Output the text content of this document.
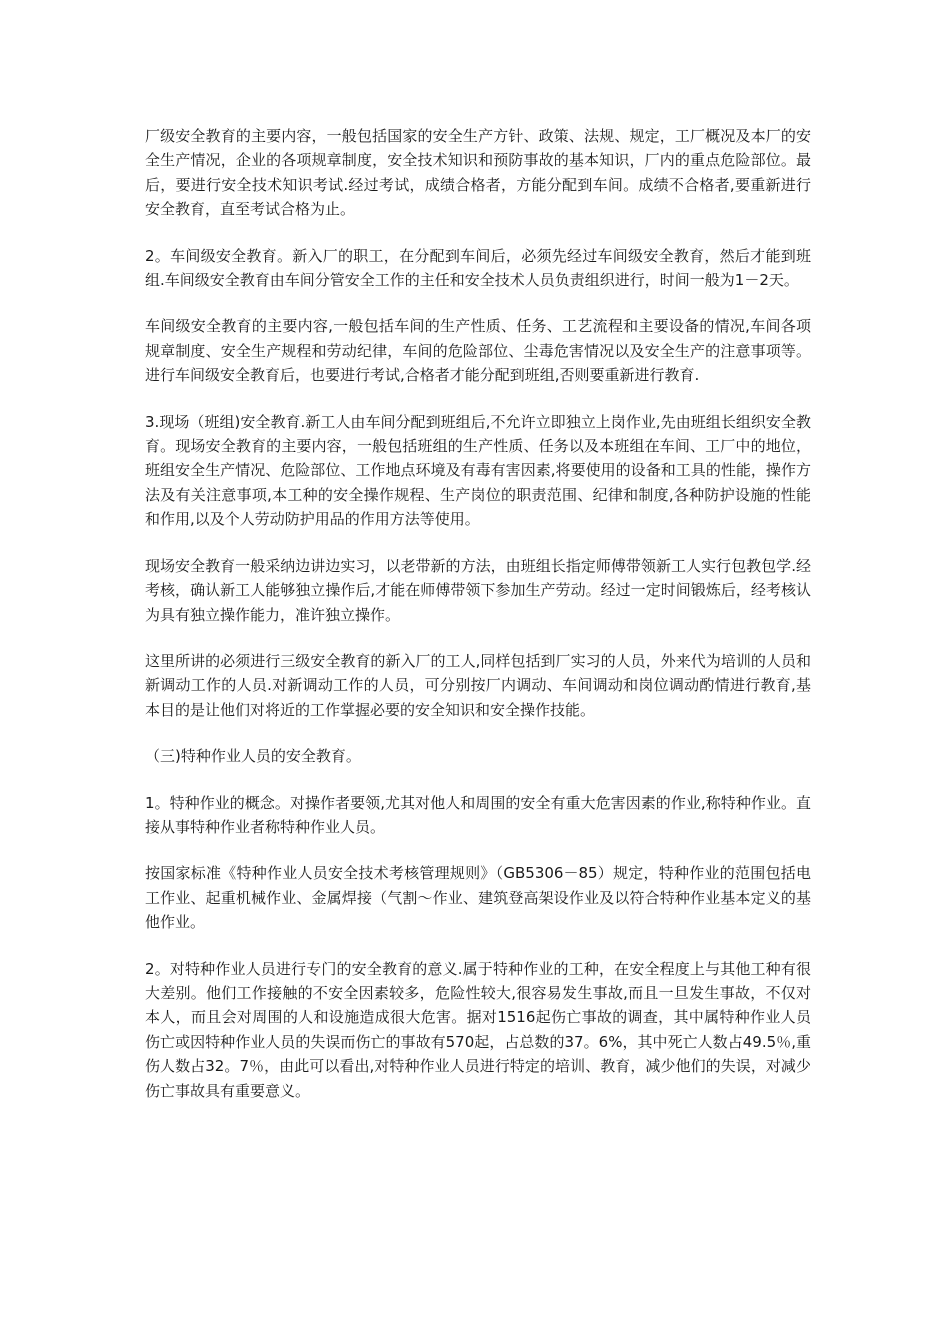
厂级安全教育的主要内容，一般包括国家的安全生产方针、政策、法规、规定，工厂概况及本厂的安全生产情况，企业的各项规章制度，安全技术知识和预防事故的基本知识，厂内的重点危险部位。最后，要进行安全技术知识考试.经过考试，成绩合格者，方能分配到车间。成绩不合格者,要重新进行安全教育，直至考试合格为止。

2。车间级安全教育。新入厂的职工，在分配到车间后，必须先经过车间级安全教育，然后才能到班组.车间级安全教育由车间分管安全工作的主任和安全技术人员负责组织进行，时间一般为1－2天。

车间级安全教育的主要内容,一般包括车间的生产性质、任务、工艺流程和主要设备的情况,车间各项规章制度、安全生产规程和劳动纪律，车间的危险部位、尘毒危害情况以及安全生产的注意事项等。进行车间级安全教育后，也要进行考试,合格者才能分配到班组,否则要重新进行教育.

3.现场（班组)安全教育.新工人由车间分配到班组后,不允许立即独立上岗作业,先由班组长组织安全教育。现场安全教育的主要内容，一般包括班组的生产性质、任务以及本班组在车间、工厂中的地位，班组安全生产情况、危险部位、工作地点环境及有毒有害因素,将要使用的设备和工具的性能，操作方法及有关注意事项,本工种的安全操作规程、生产岗位的职责范围、纪律和制度,各种防护设施的性能和作用,以及个人劳动防护用品的作用方法等使用。

现场安全教育一般采纳边讲边实习，以老带新的方法，由班组长指定师傅带领新工人实行包教包学.经考核，确认新工人能够独立操作后,才能在师傅带领下参加生产劳动。经过一定时间锻炼后，经考核认为具有独立操作能力，准许独立操作。

这里所讲的必须进行三级安全教育的新入厂的工人,同样包括到厂实习的人员，外来代为培训的人员和新调动工作的人员.对新调动工作的人员，可分别按厂内调动、车间调动和岗位调动酌情进行教育,基本目的是让他们对将近的工作掌握必要的安全知识和安全操作技能。

（三)特种作业人员的安全教育。

1。特种作业的概念。对操作者要领,尤其对他人和周围的安全有重大危害因素的作业,称特种作业。直接从事特种作业者称特种作业人员。

按国家标准《特种作业人员安全技术考核管理规则》（GB5306－85）规定，特种作业的范围包括电工作业、起重机械作业、金属焊接（气割～作业、建筑登高架设作业及以符合特种作业基本定义的基他作业。

2。对特种作业人员进行专门的安全教育的意义.属于特种作业的工种，在安全程度上与其他工种有很大差别。他们工作接触的不安全因素较多，危险性较大,很容易发生事故,而且一旦发生事故，不仅对本人，而且会对周围的人和设施造成很大危害。据对1516起伤亡事故的调查，其中属特种作业人员伤亡或因特种作业人员的失误而伤亡的事故有570起，占总数的37。6%，其中死亡人数占49.5％,重伤人数占32。7％，由此可以看出,对特种作业人员进行特定的培训、教育，减少他们的失误，对减少伤亡事故具有重要意义。
